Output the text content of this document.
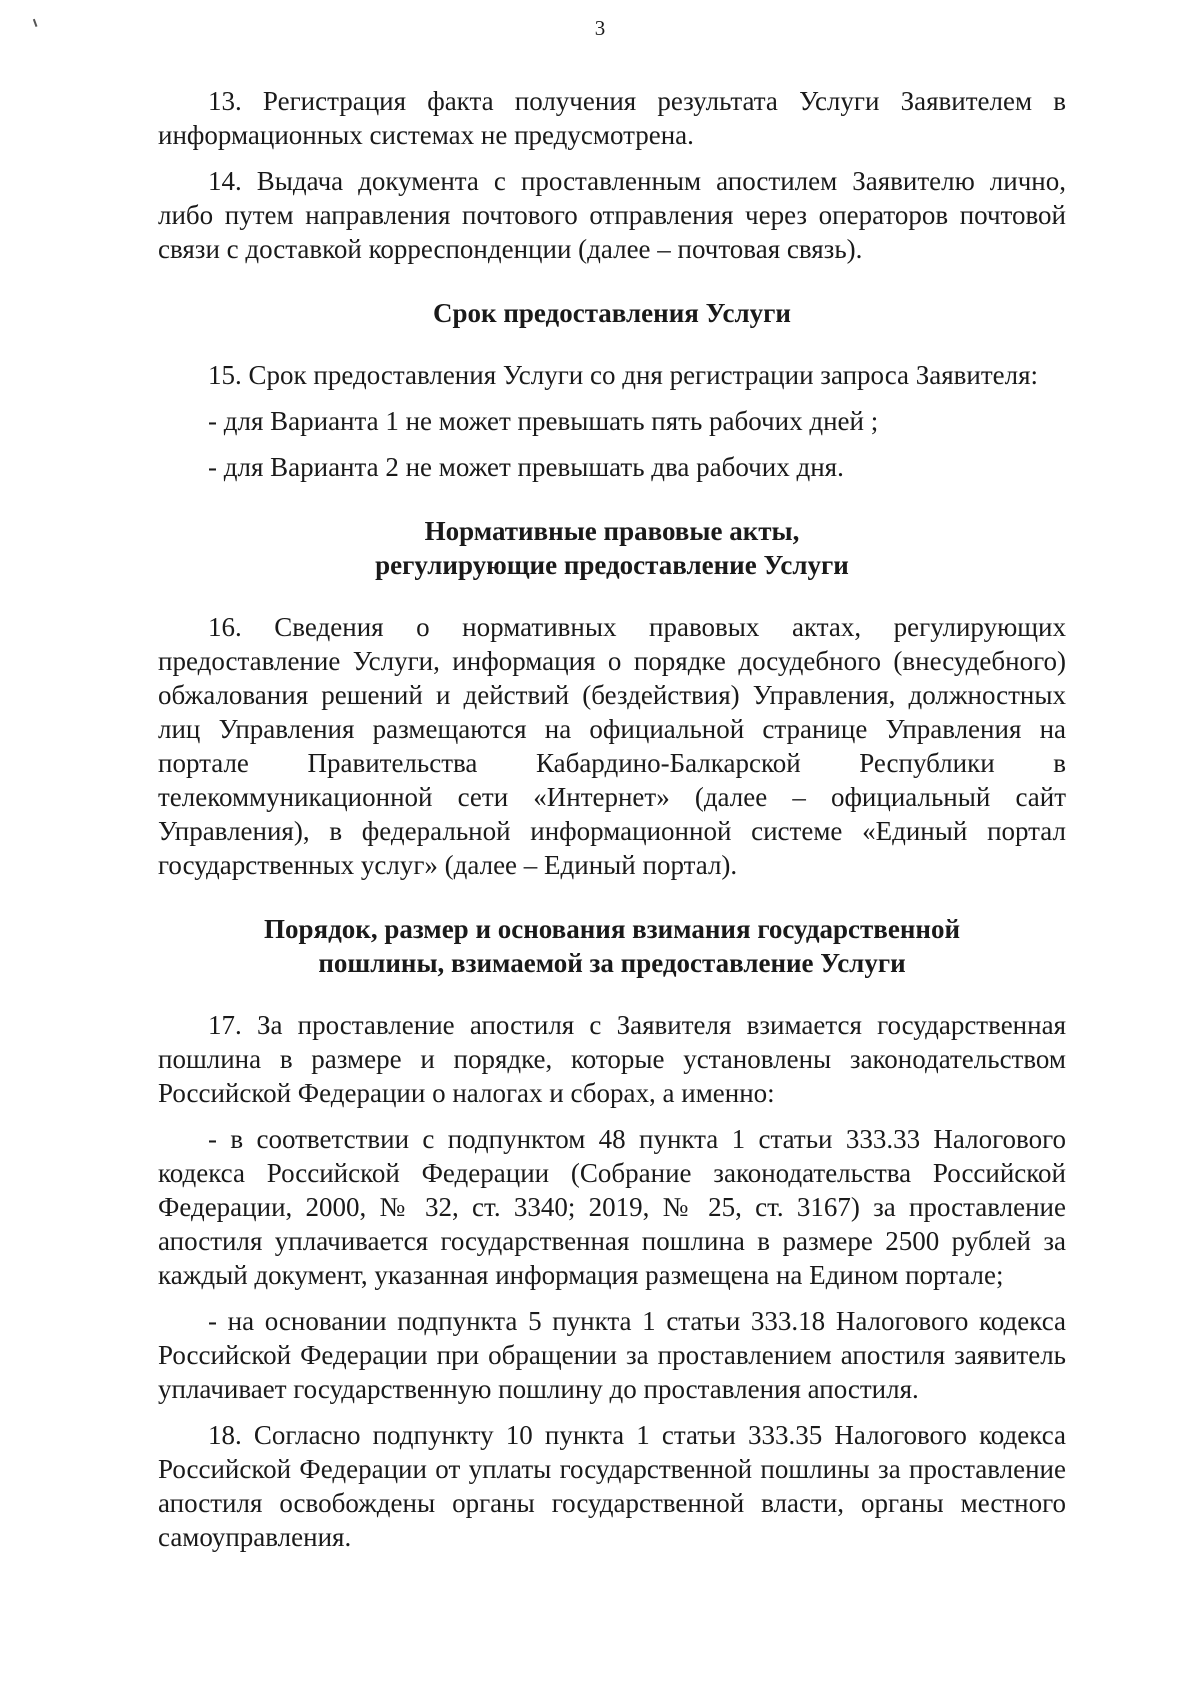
3

13. Регистрация факта получения результата Услуги Заявителем в информационных системах не предусмотрена.

14. Выдача документа с проставленным апостилем Заявителю лично, либо путем направления почтового отправления через операторов почтовой связи с доставкой корреспонденции (далее – почтовая связь).

Срок предоставления Услуги

15. Срок предоставления Услуги со дня регистрации запроса Заявителя:

- для Варианта 1 не может превышать пять рабочих дней ;

- для Варианта 2 не может превышать два рабочих дня.

Нормативные правовые акты,
регулирующие предоставление Услуги

16. Сведения о нормативных правовых актах, регулирующих предоставление Услуги, информация о порядке досудебного (внесудебного) обжалования решений и действий (бездействия) Управления, должностных лиц Управления размещаются на официальной странице Управления на портале Правительства Кабардино-Балкарской Республики в телекоммуникационной сети «Интернет» (далее – официальный сайт Управления), в федеральной информационной системе «Единый портал государственных услуг» (далее – Единый портал).

Порядок, размер и основания взимания государственной
пошлины, взимаемой за предоставление Услуги

17. За проставление апостиля с Заявителя взимается государственная пошлина в размере и порядке, которые установлены законодательством Российской Федерации о налогах и сборах, а именно:

- в соответствии с подпунктом 48 пункта 1 статьи 333.33 Налогового кодекса Российской Федерации (Собрание законодательства Российской Федерации, 2000, № 32, ст. 3340; 2019, № 25, ст. 3167) за проставление апостиля уплачивается государственная пошлина в размере 2500 рублей за каждый документ, указанная информация размещена на Едином портале;

- на основании подпункта 5 пункта 1 статьи 333.18 Налогового кодекса Российской Федерации при обращении за проставлением апостиля заявитель уплачивает государственную пошлину до проставления апостиля.

18. Согласно подпункту 10 пункта 1 статьи 333.35 Налогового кодекса Российской Федерации от уплаты государственной пошлины за проставление апостиля освобождены органы государственной власти, органы местного самоуправления.
